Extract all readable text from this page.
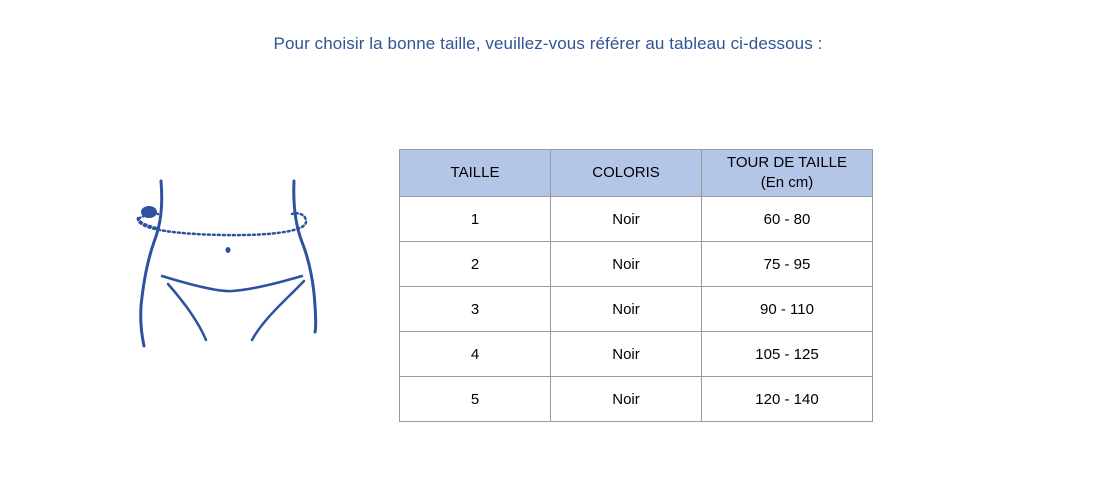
Pour choisir la bonne taille, veuillez-vous référer au tableau ci-dessous :
TAILLE	COLORIS	TOUR DE TAILLE
(En cm)

1	Noir	60 - 80
2	Noir	75 - 95
3	Noir	90 - 110
4	Noir	105 - 125
5	Noir	120 - 140
